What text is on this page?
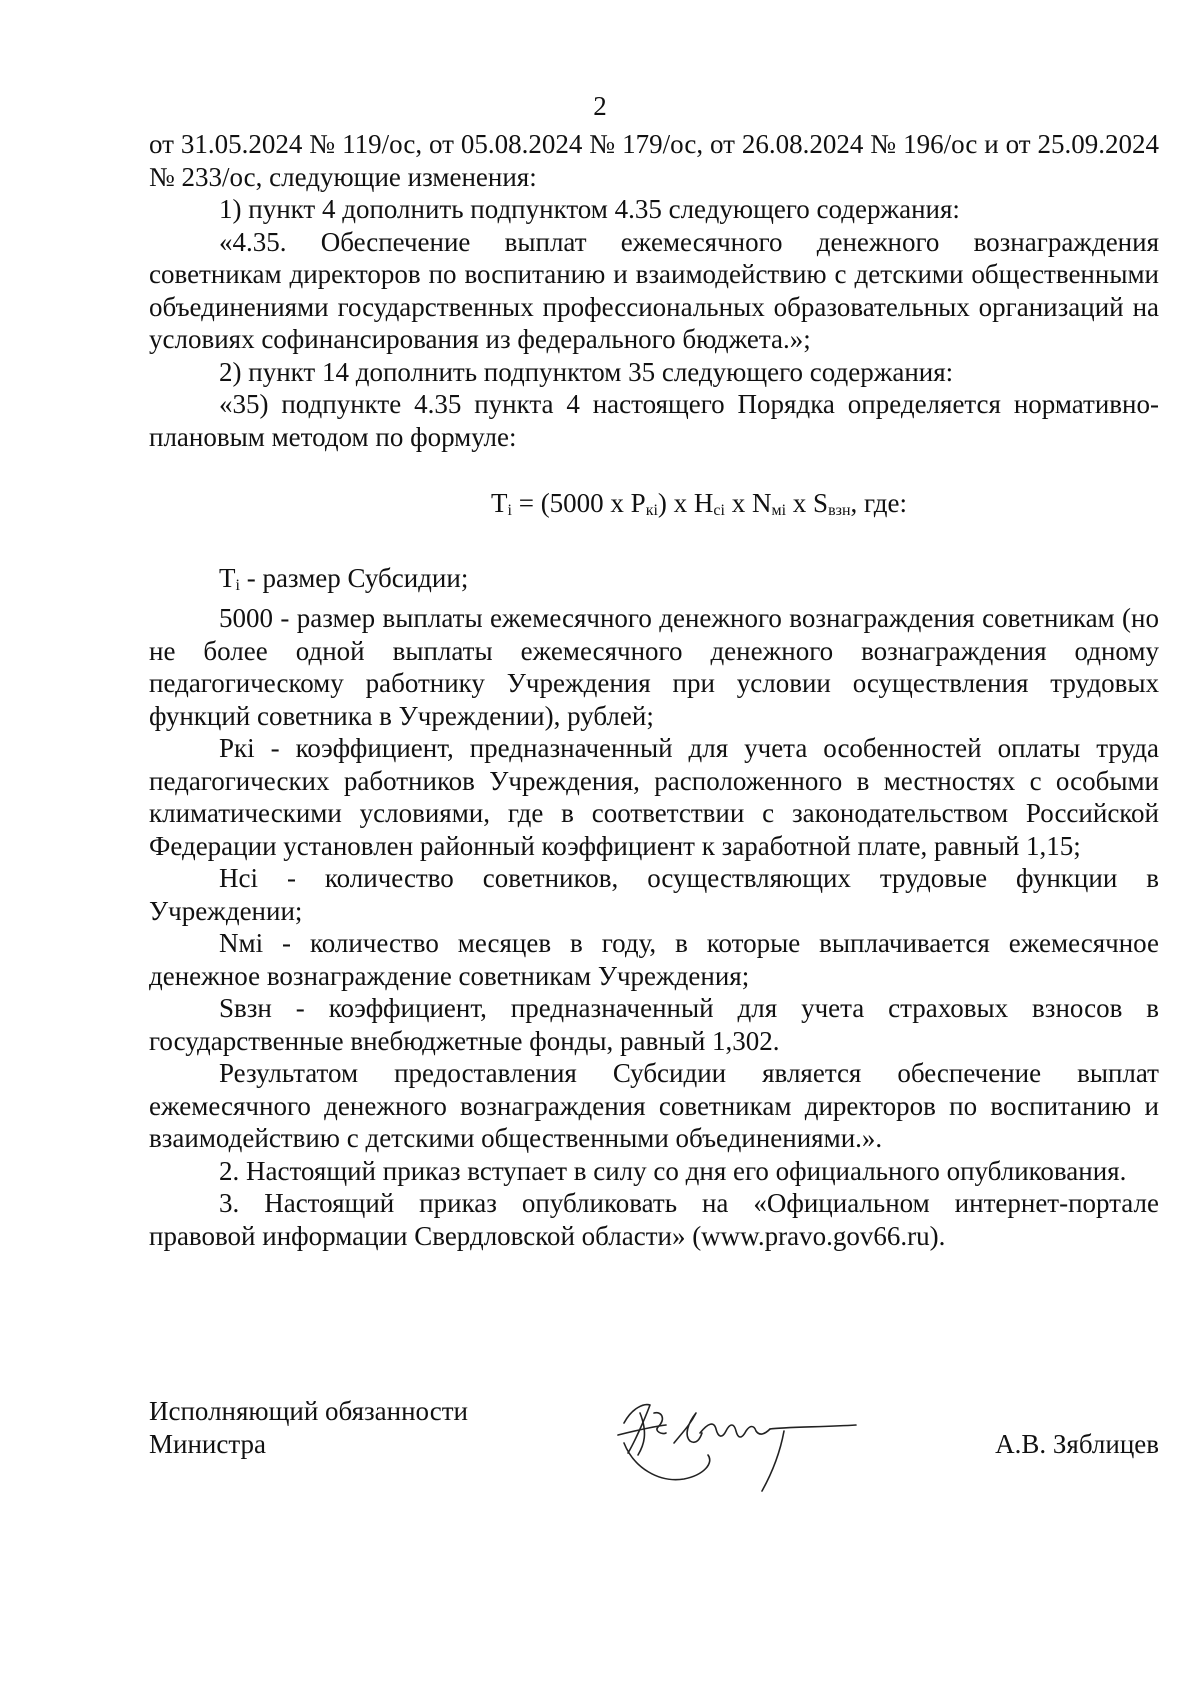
2

от 31.05.2024 № 119/ос, от 05.08.2024 № 179/ос, от 26.08.2024 № 196/ос и от 25.09.2024 № 233/ос, следующие изменения:

1) пункт 4 дополнить подпунктом 4.35 следующего содержания:

«4.35. Обеспечение выплат ежемесячного денежного вознаграждения советникам директоров по воспитанию и взаимодействию с детскими общественными объединениями государственных профессиональных образовательных организаций на условиях софинансирования из федерального бюджета.»;

2) пункт 14 дополнить подпунктом 35 следующего содержания:

«35) подпункте 4.35 пункта 4 настоящего Порядка определяется нормативно-плановым методом по формуле:

Ti = (5000 x Pкi) x Hсi x Nмi x Sвзн, где:

Ti - размер Субсидии;

5000 - размер выплаты ежемесячного денежного вознаграждения советникам (но не более одной выплаты ежемесячного денежного вознаграждения одному педагогическому работнику Учреждения при условии осуществления трудовых функций советника в Учреждении), рублей;

Pкi - коэффициент, предназначенный для учета особенностей оплаты труда педагогических работников Учреждения, расположенного в местностях с особыми климатическими условиями, где в соответствии с законодательством Российской Федерации установлен районный коэффициент к заработной плате, равный 1,15;

Hсi - количество советников, осуществляющих трудовые функции в Учреждении;

Nмi - количество месяцев в году, в которые выплачивается ежемесячное денежное вознаграждение советникам Учреждения;

Sвзн - коэффициент, предназначенный для учета страховых взносов в государственные внебюджетные фонды, равный 1,302.

Результатом предоставления Субсидии является обеспечение выплат ежемесячного денежного вознаграждения советникам директоров по воспитанию и взаимодействию с детскими общественными объединениями.».

2. Настоящий приказ вступает в силу со дня его официального опубликования.

3. Настоящий приказ опубликовать на «Официальном интернет-портале правовой информации Свердловской области» (www.pravo.gov66.ru).

Исполняющий обязанности
Министра	А.В. Зяблицев
